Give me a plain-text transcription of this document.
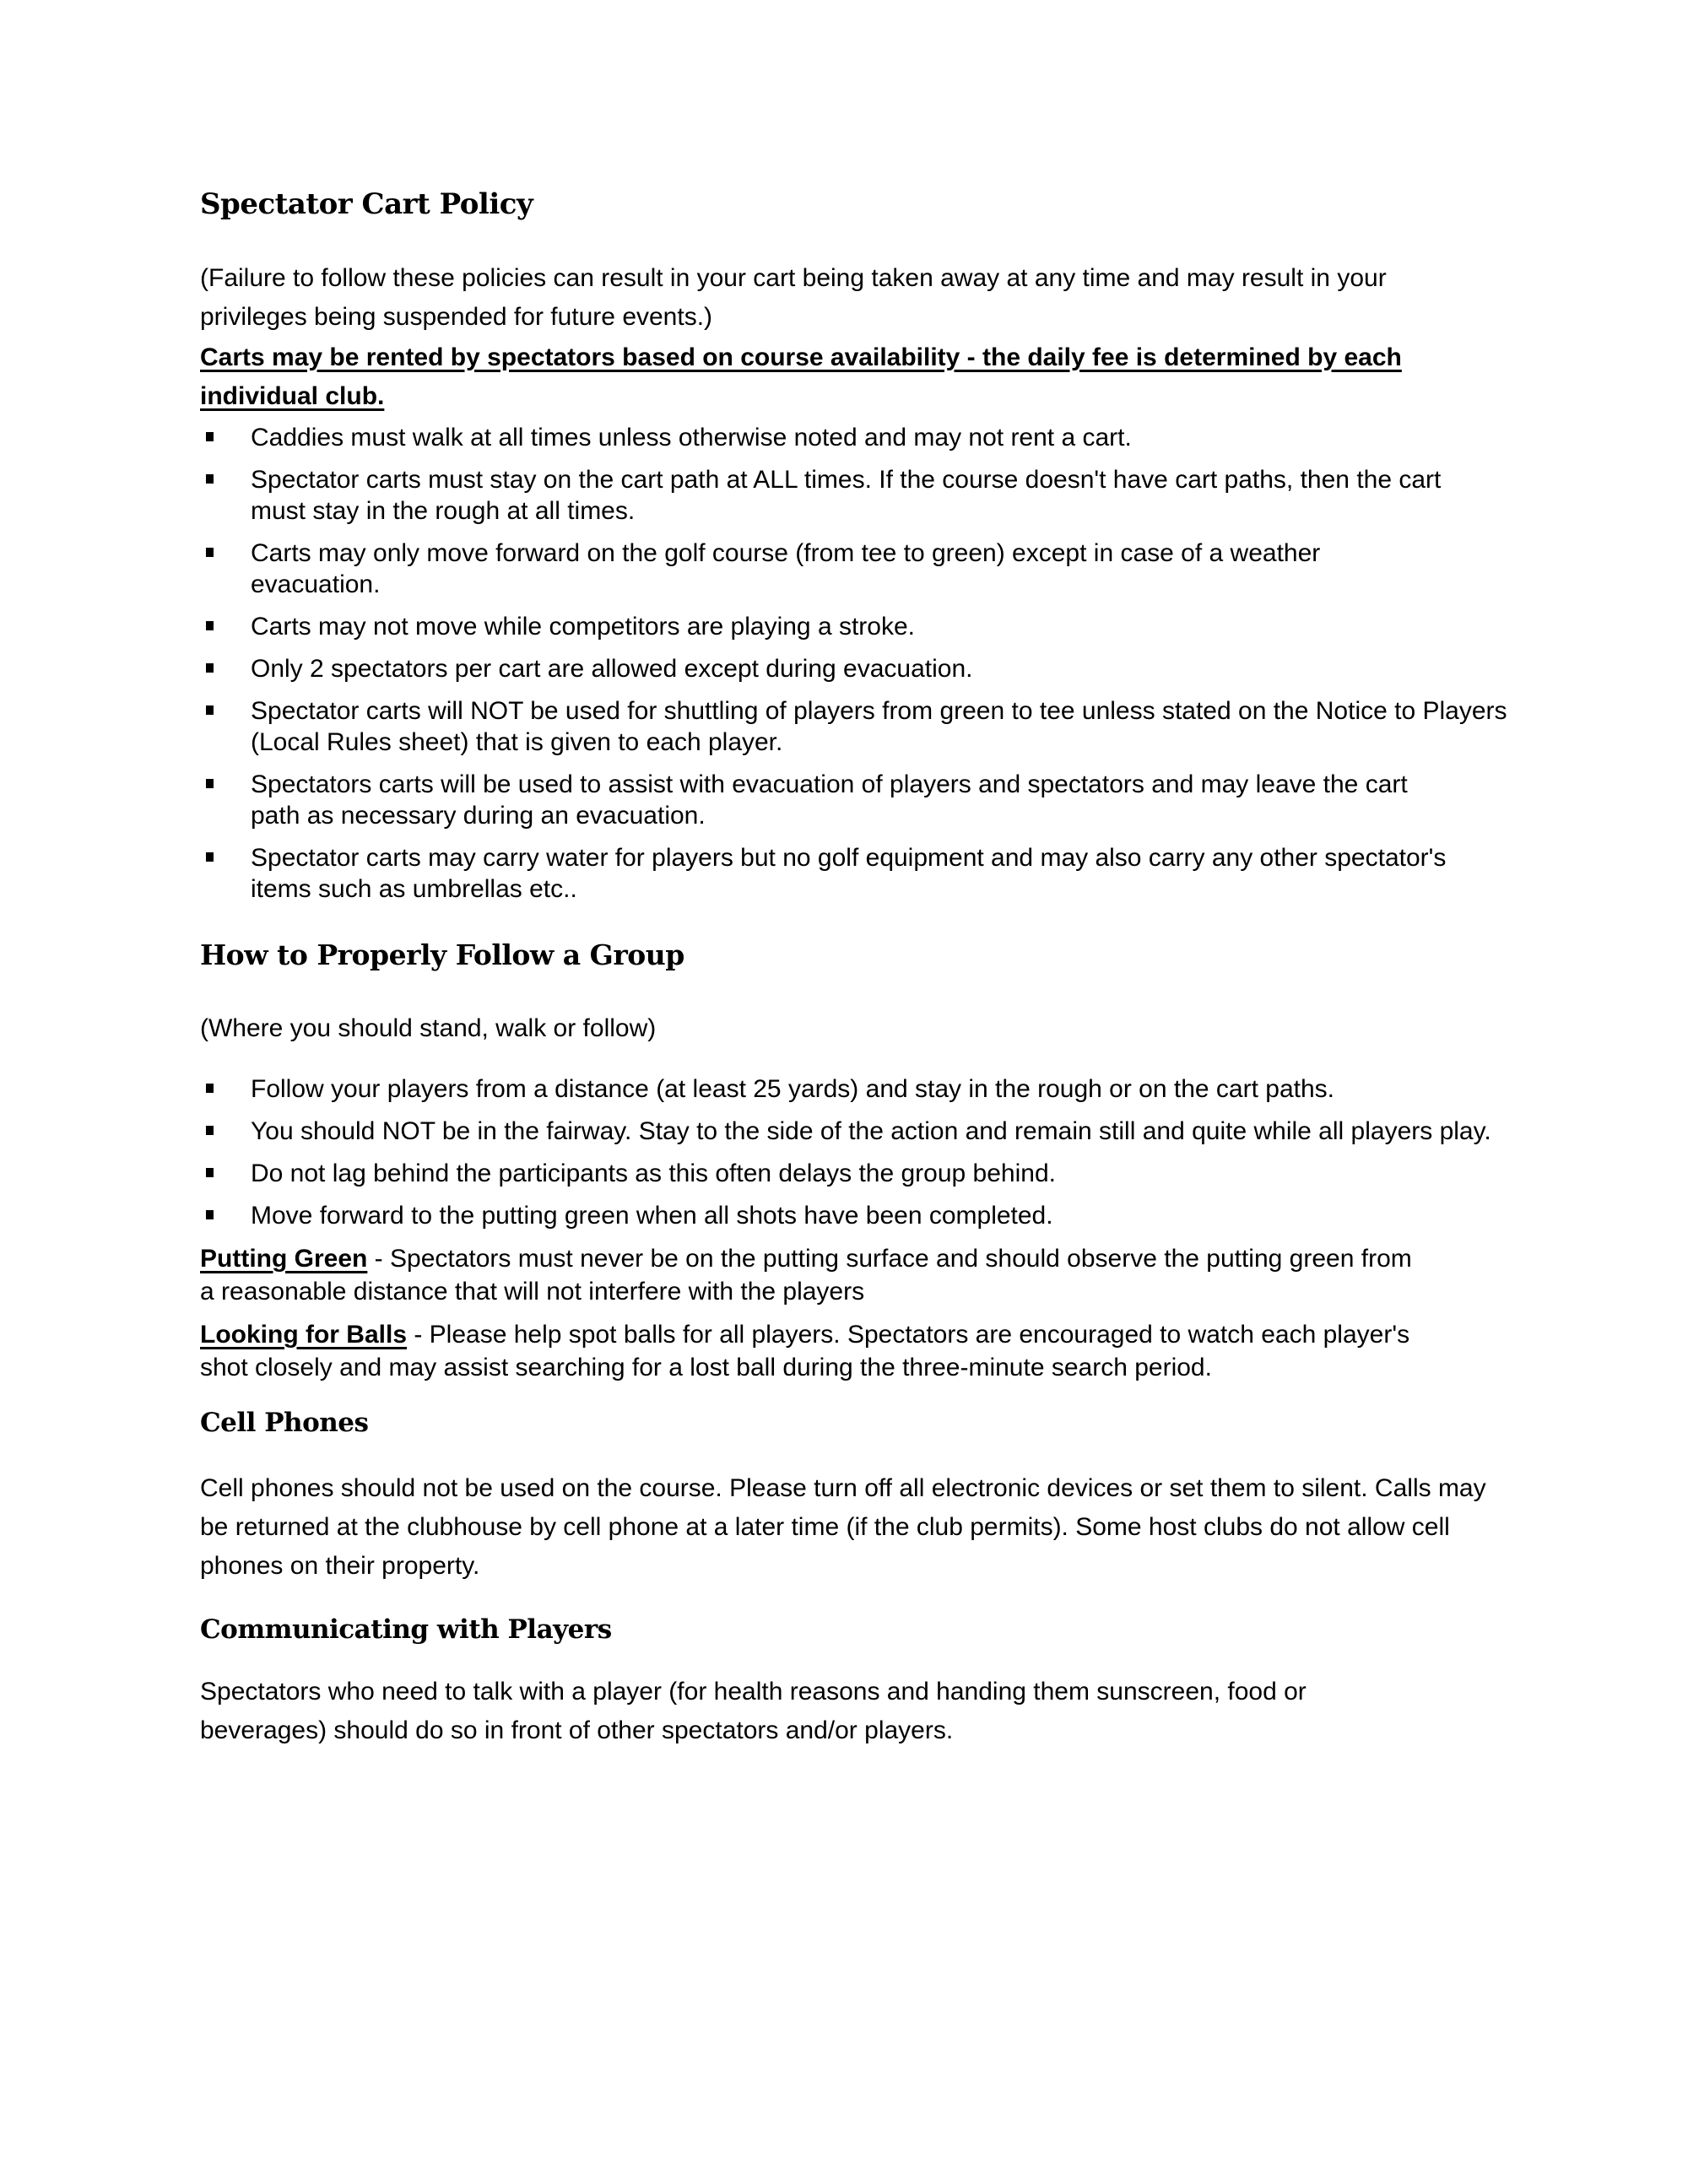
Spectator Cart Policy

(Failure to follow these policies can result in your cart being taken away at any time and may result in your privileges being suspended for future events.)

Carts may be rented by spectators based on course availability - the daily fee is determined by each individual club.

Caddies must walk at all times unless otherwise noted and may not rent a cart.
Spectator carts must stay on the cart path at ALL times. If the course doesn't have cart paths, then the cart must stay in the rough at all times.
Carts may only move forward on the golf course (from tee to green) except in case of a weather evacuation.
Carts may not move while competitors are playing a stroke.
Only 2 spectators per cart are allowed except during evacuation.
Spectator carts will NOT be used for shuttling of players from green to tee unless stated on the Notice to Players (Local Rules sheet) that is given to each player.
Spectators carts will be used to assist with evacuation of players and spectators and may leave the cart path as necessary during an evacuation.
Spectator carts may carry water for players but no golf equipment and may also carry any other spectator's items such as umbrellas etc..
How to Properly Follow a Group

(Where you should stand, walk or follow)

Follow your players from a distance (at least 25 yards) and stay in the rough or on the cart paths.
You should NOT be in the fairway. Stay to the side of the action and remain still and quite while all players play.
Do not lag behind the participants as this often delays the group behind.
Move forward to the putting green when all shots have been completed.

Putting Green - Spectators must never be on the putting surface and should observe the putting green from a reasonable distance that will not interfere with the players

Looking for Balls - Please help spot balls for all players. Spectators are encouraged to watch each player's shot closely and may assist searching for a lost ball during the three-minute search period.

Cell Phones

Cell phones should not be used on the course. Please turn off all electronic devices or set them to silent. Calls may be returned at the clubhouse by cell phone at a later time (if the club permits). Some host clubs do not allow cell phones on their property.

Communicating with Players

Spectators who need to talk with a player (for health reasons and handing them sunscreen, food or beverages) should do so in front of other spectators and/or players.
